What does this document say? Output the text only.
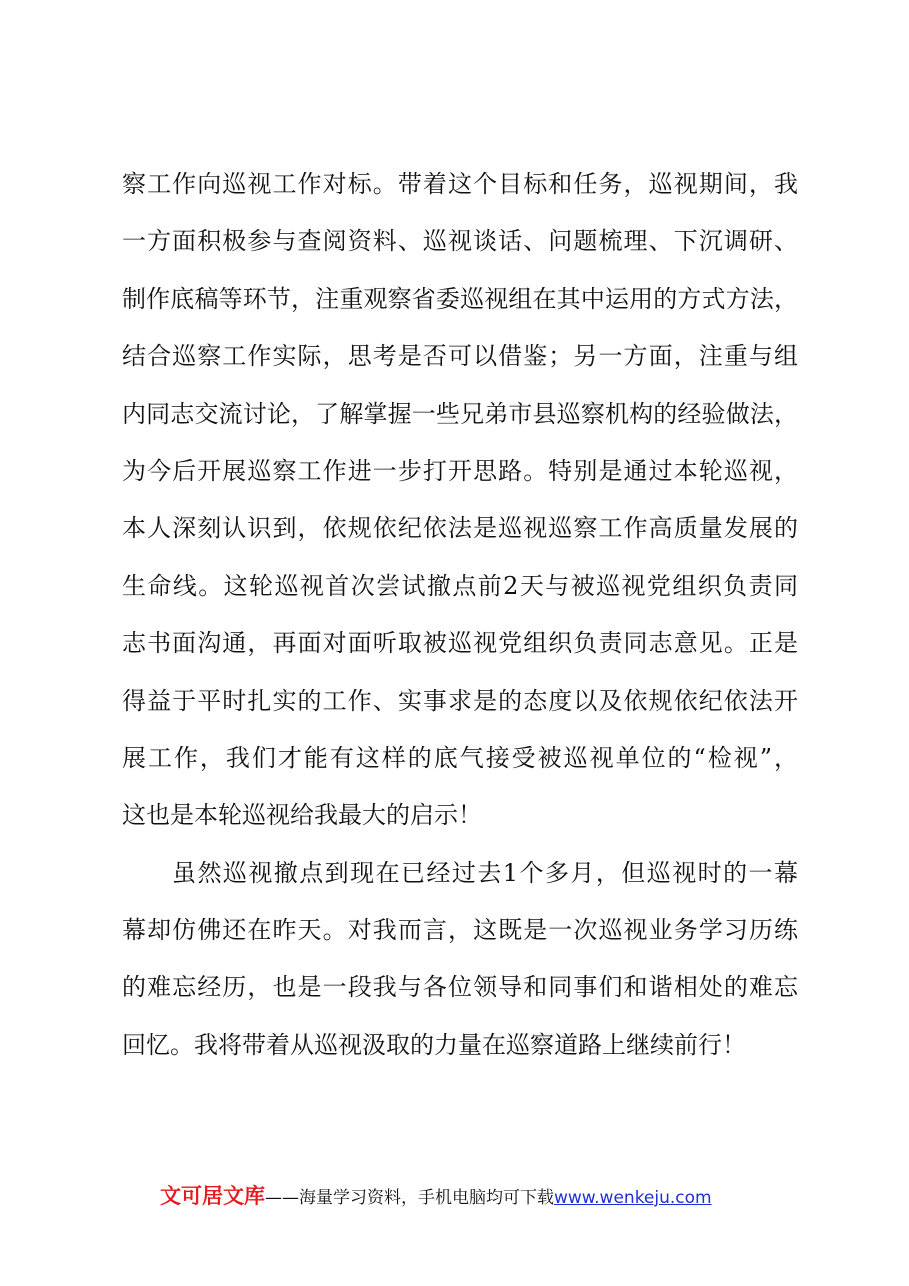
察工作向巡视工作对标。带着这个目标和任务，巡视期间，我
一方面积极参与查阅资料、巡视谈话、问题梳理、下沉调研、
制作底稿等环节，注重观察省委巡视组在其中运用的方式方法，
结合巡察工作实际，思考是否可以借鉴；另一方面，注重与组
内同志交流讨论，了解掌握一些兄弟市县巡察机构的经验做法，
为今后开展巡察工作进一步打开思路。特别是通过本轮巡视，
本人深刻认识到，依规依纪依法是巡视巡察工作高质量发展的
生命线。这轮巡视首次尝试撤点前2天与被巡视党组织负责同
志书面沟通，再面对面听取被巡视党组织负责同志意见。正是
得益于平时扎实的工作、实事求是的态度以及依规依纪依法开
展工作，我们才能有这样的底气接受被巡视单位的“检视”，
这也是本轮巡视给我最大的启示！
虽然巡视撤点到现在已经过去1个多月，但巡视时的一幕
幕却仿佛还在昨天。对我而言，这既是一次巡视业务学习历练
的难忘经历，也是一段我与各位领导和同事们和谐相处的难忘
回忆。我将带着从巡视汲取的力量在巡察道路上继续前行！
文可居文库——海量学习资料，手机电脑均可下载www.wenkeju.com
